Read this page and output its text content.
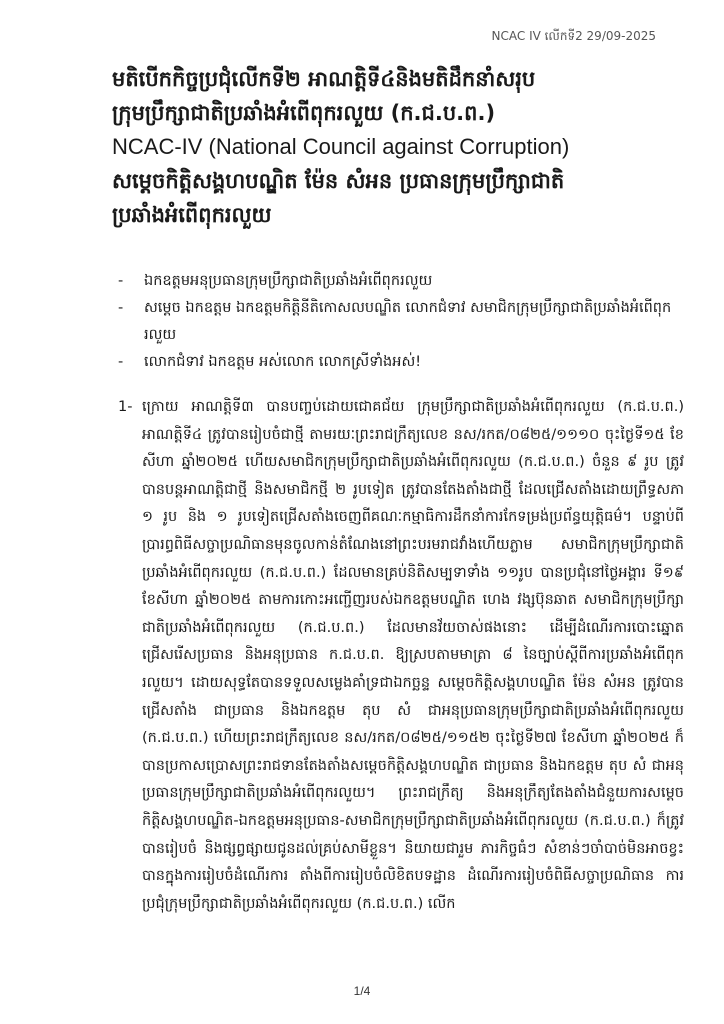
NCAC IV លើកទី2 29/09-2025
មតិបើកកិច្ចប្រជុំលើកទី២ អាណត្តិទី៤និងមតិដឹកនាំសរុប
ក្រុមប្រឹក្សាជាតិប្រឆាំងអំពើពុករលួយ (ក.ជ.ប.ព.)
NCAC-IV (National Council against Corruption)
សម្តេចកិត្តិសង្គហបណ្ឌិត ម៉ែន សំអន ប្រធានក្រុមប្រឹក្សាជាតិ
ប្រឆាំងអំពើពុករលួយ
- ឯកឧត្តមអនុប្រធានក្រុមប្រឹក្សាជាតិប្រឆាំងអំពើពុករលួយ
- សម្តេច ឯកឧត្តម ឯកឧត្តមកិត្តិនីតិកោសលបណ្ឌិត លោកជំទាវ សមាជិកក្រុមប្រឹក្សាជាតិប្រឆាំងអំពើពុករលួយ
- លោកជំទាវ ឯកឧត្តម អស់លោក លោកស្រីទាំងអស់!
1- ក្រោយ អាណត្តិទី៣ បានបញ្ចប់ដោយជោគជ័យ ក្រុមប្រឹក្សាជាតិប្រឆាំងអំពើពុករលួយ (ក.ជ.ប.ព.) អាណត្តិទី៤ ត្រូវបានរៀបចំជាថ្មី តាមរយៈព្រះរាជក្រឹត្យលេខ នស/រកត/០៨២៥/១១១០ ចុះថ្ងៃទី១៥ ខែសីហា ឆ្នាំ២០២៥ ហើយសមាជិកក្រុមប្រឹក្សាជាតិប្រឆាំងអំពើពុករលួយ (ក.ជ.ប.ព.) ចំនួន ៩ រូប ត្រូវបានបន្តអាណត្តិជាថ្មី និងសមាជិកថ្មី ២ រូបទៀត ត្រូវបានតែងតាំងជាថ្មី ដែលជ្រើសតាំងដោយព្រឹទ្ធសភា ១ រូប និង ១ រូបទៀតជ្រើសតាំងចេញពីគណៈកម្មាធិការដឹកនាំការកែទម្រង់ប្រព័ន្ធយុត្តិធម៌។ បន្ទាប់ពីប្រារព្ធពិធីសច្ចាប្រណិធានមុនចូលកាន់តំណែងនៅព្រះបរមរាជវាំងហើយភ្លាម សមាជិកក្រុមប្រឹក្សាជាតិប្រឆាំងអំពើពុករលួយ (ក.ជ.ប.ព.) ដែលមានគ្រប់និតិសម្បទាទាំង ១១រូប បានប្រជុំនៅថ្ងៃអង្គារ ទី១៩ ខែសីហា ឆ្នាំ២០២៥ តាមការកោះអញ្ជើញរបស់ឯកឧត្តមបណ្ឌិត ហេង វង្សប៊ុនឆាត សមាជិកក្រុមប្រឹក្សាជាតិប្រឆាំងអំពើពុករលួយ (ក.ជ.ប.ព.) ដែលមានវ័យចាស់ផងនោះ ដើម្បីដំណើរការបោះឆ្នោតជ្រើសរើសប្រធាន និងអនុប្រធាន ក.ជ.ប.ព. ឱ្យស្របតាមមាត្រា ៨ នៃច្បាប់ស្តីពីការប្រឆាំងអំពើពុករលួយ។ ដោយសុទ្ធតែបានទទួលសម្លេងគាំទ្រជាឯកច្ឆន្ទ សម្តេចកិត្តិសង្គហបណ្ឌិត ម៉ែន សំអន ត្រូវបានជ្រើសតាំង ជាប្រធាន និងឯកឧត្តម តុប សំ ជាអនុប្រធានក្រុមប្រឹក្សាជាតិប្រឆាំងអំពើពុករលួយ (ក.ជ.ប.ព.) ហើយព្រះរាជក្រឹត្យលេខ នស/រកត/០៨២៥/១១៥២ ចុះថ្ងៃទី២៧ ខែសីហា ឆ្នាំ២០២៥ ក៏បានប្រកាសប្រោសព្រះរាជទានតែងតាំងសម្តេចកិត្តិសង្គហបណ្ឌិត ជាប្រធាន និងឯកឧត្តម តុប សំ ជាអនុប្រធានក្រុមប្រឹក្សាជាតិប្រឆាំងអំពើពុករលួយ។ ព្រះរាជក្រឹត្យ និងអនុក្រឹត្យតែងតាំងជំនួយការសម្តេចកិត្តិសង្គហបណ្ឌិត-ឯកឧត្តមអនុប្រធាន-សមាជិកក្រុមប្រឹក្សាជាតិប្រឆាំងអំពើពុករលួយ (ក.ជ.ប.ព.) ក៏ត្រូវបានរៀបចំ និងផ្សព្វផ្សាយជូនដល់គ្រប់សាមីខ្លួន។ និយាយជារួម ភារកិច្ចធំៗ សំខាន់ៗចាំបាច់មិនអាចខ្វះបានក្នុងការរៀបចំដំណើរការ តាំងពីការរៀបចំលិខិតបទដ្ឋាន ដំណើរការរៀបចំពិធីសច្ចាប្រណិធាន ការប្រជុំក្រុមប្រឹក្សាជាតិប្រឆាំងអំពើពុករលួយ (ក.ជ.ប.ព.) លើក
1/4
